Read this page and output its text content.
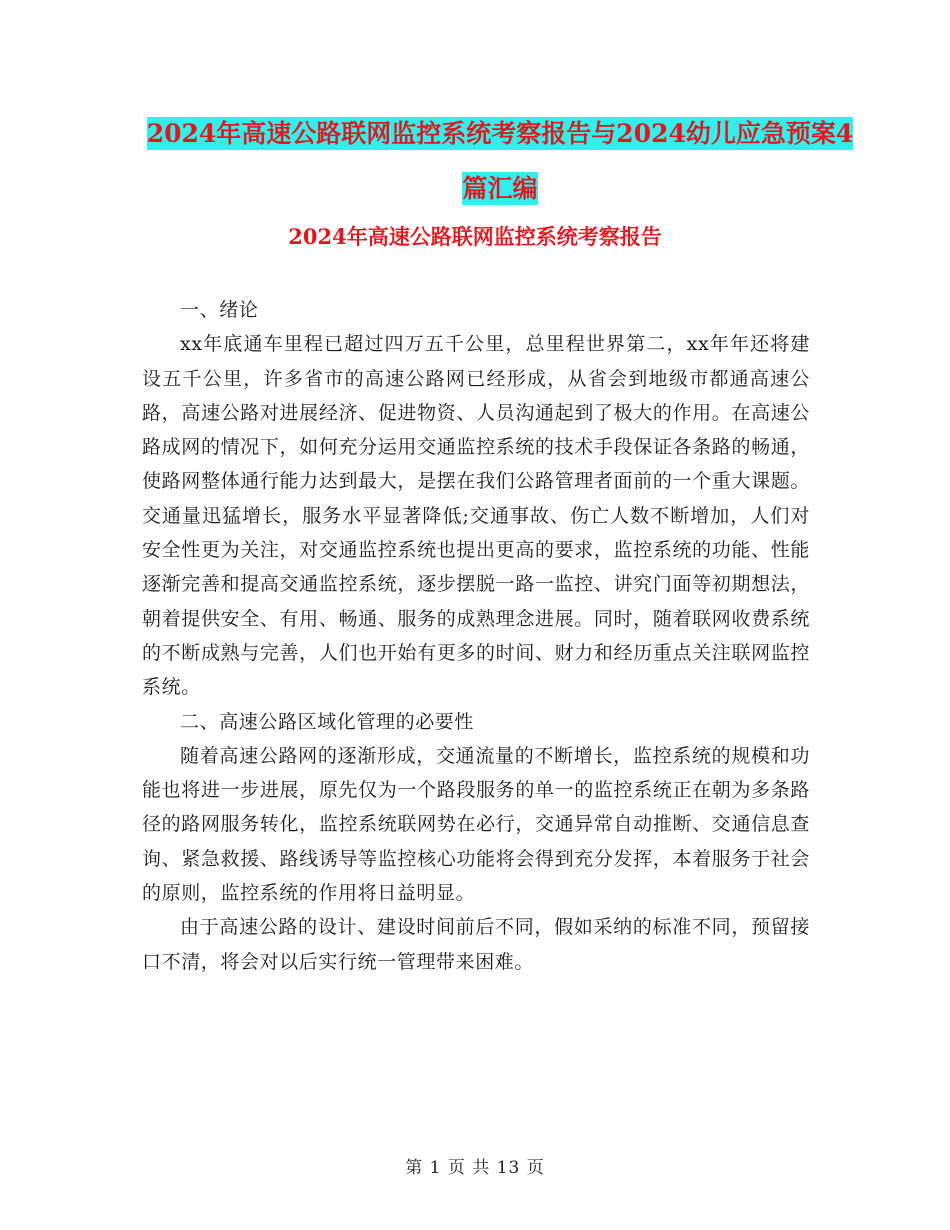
2024年高速公路联网监控系统考察报告与2024幼儿应急预案4篇汇编
2024年高速公路联网监控系统考察报告

一、绪论

xx年底通车里程已超过四万五千公里，总里程世界第二，xx年年还将建设五千公里，许多省市的高速公路网已经形成，从省会到地级市都通高速公路，高速公路对进展经济、促进物资、人员沟通起到了极大的作用。在高速公路成网的情况下，如何充分运用交通监控系统的技术手段保证各条路的畅通，使路网整体通行能力达到最大，是摆在我们公路管理者面前的一个重大课题。 交通量迅猛增长，服务水平显著降低;交通事故、伤亡人数不断增加，人们对安全性更为关注，对交通监控系统也提出更高的要求，监控系统的功能、性能逐渐完善和提高交通监控系统，逐步摆脱一路一监控、讲究门面等初期想法，朝着提供安全、有用、畅通、服务的成熟理念进展。同时，随着联网收费系统的不断成熟与完善，人们也开始有更多的时间、财力和经历重点关注联网监控系统。

二、高速公路区域化管理的必要性

随着高速公路网的逐渐形成，交通流量的不断增长，监控系统的规模和功能也将进一步进展，原先仅为一个路段服务的单一的监控系统正在朝为多条路径的路网服务转化，监控系统联网势在必行，交通异常自动推断、交通信息查询、紧急救援、路线诱导等监控核心功能将会得到充分发挥，本着服务于社会的原则，监控系统的作用将日益明显。

由于高速公路的设计、建设时间前后不同，假如采纳的标准不同，预留接口不清，将会对以后实行统一管理带来困难。

第 1 页 共 13 页
